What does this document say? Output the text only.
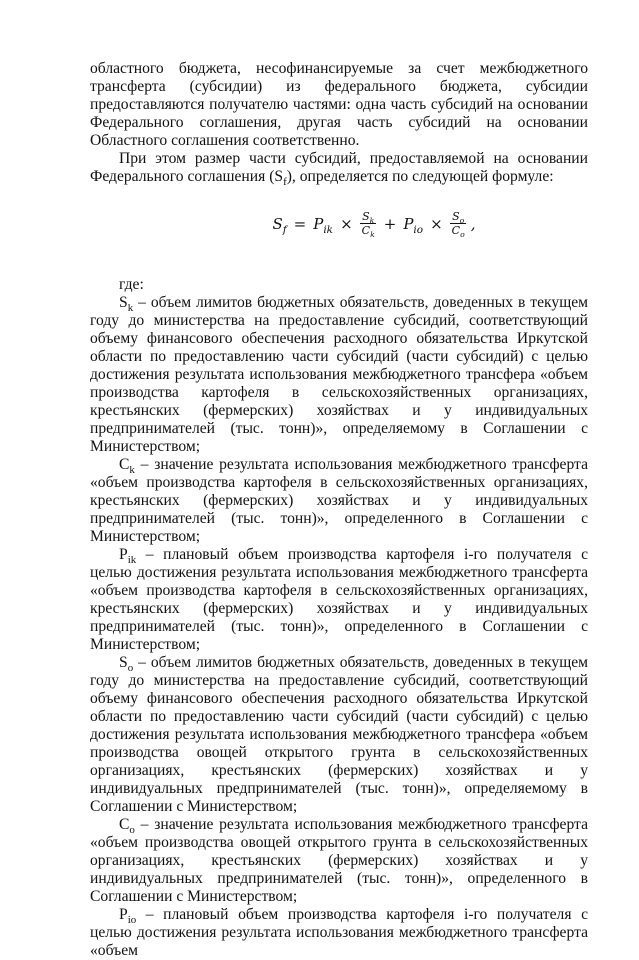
областного бюджета, несофинансируемые за счет межбюджетного трансферта (субсидии) из федерального бюджета, субсидии предоставляются получателю частями: одна часть субсидий на основании Федерального соглашения, другая часть субсидий на основании Областного соглашения соответственно.

При этом размер части субсидий, предоставляемой на основании Федерального соглашения $(S_f)$, определяется по следующей формуле:

$S_f = P_{ik} \times \frac{S_k}{C_k} + P_{io} \times \frac{S_o}{C_o}$ ,

где:

$S_k$ – объем лимитов бюджетных обязательств, доведенных в текущем году до министерства на предоставление субсидий, соответствующий объему финансового обеспечения расходного обязательства Иркутской области по предоставлению части субсидий (части субсидий) с целью достижения результата использования межбюджетного трансфера «объем производства картофеля в сельскохозяйственных организациях, крестьянских (фермерских) хозяйствах и у индивидуальных предпринимателей (тыс. тонн)», определяемому в Соглашении с Министерством;

$C_k$ – значение результата использования межбюджетного трансферта «объем производства картофеля в сельскохозяйственных организациях, крестьянских (фермерских) хозяйствах и у индивидуальных предпринимателей (тыс. тонн)», определенного в Соглашении с Министерством;

$P_{ik}$ – плановый объем производства картофеля i-го получателя с целью достижения результата использования межбюджетного трансферта «объем производства картофеля в сельскохозяйственных организациях, крестьянских (фермерских) хозяйствах и у индивидуальных предпринимателей (тыс. тонн)», определенного в Соглашении с Министерством;

$S_o$ – объем лимитов бюджетных обязательств, доведенных в текущем году до министерства на предоставление субсидий, соответствующий объему финансового обеспечения расходного обязательства Иркутской области по предоставлению части субсидий (части субсидий) с целью достижения результата использования межбюджетного трансфера «объем производства овощей открытого грунта в сельскохозяйственных организациях, крестьянских (фермерских) хозяйствах и у индивидуальных предпринимателей (тыс. тонн)», определяемому в Соглашении с Министерством;

$C_o$ – значение результата использования межбюджетного трансферта «объем производства овощей открытого грунта в сельскохозяйственных организациях, крестьянских (фермерских) хозяйствах и у индивидуальных предпринимателей (тыс. тонн)», определенного в Соглашении с Министерством;

$P_{io}$ – плановый объем производства картофеля i-го получателя с целью достижения результата использования межбюджетного трансферта «объем
